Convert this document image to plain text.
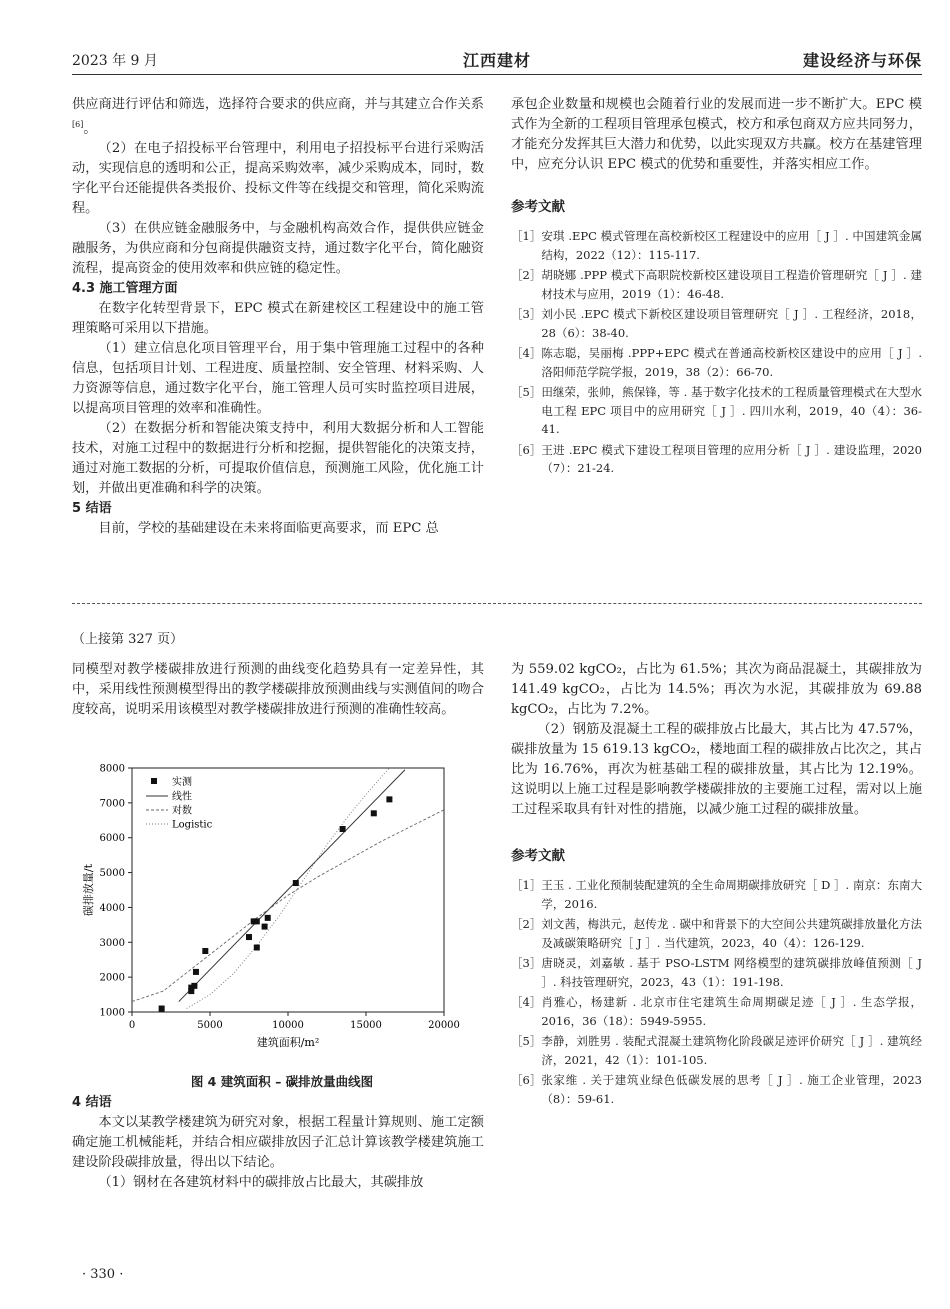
2023 年 9 月	江西建材	建设经济与环保

供应商进行评估和筛选，选择符合要求的供应商，并与其建立合作关系[6]。

（2）在电子招投标平台管理中，利用电子招投标平台进行采购活动，实现信息的透明和公正，提高采购效率，减少采购成本，同时，数字化平台还能提供各类报价、投标文件等在线提交和管理，简化采购流程。

（3）在供应链金融服务中，与金融机构高效合作，提供供应链金融服务，为供应商和分包商提供融资支持，通过数字化平台，简化融资流程，提高资金的使用效率和供应链的稳定性。

4.3 施工管理方面

在数字化转型背景下，EPC 模式在新建校区工程建设中的施工管理策略可采用以下措施。

（1）建立信息化项目管理平台，用于集中管理施工过程中的各种信息，包括项目计划、工程进度、质量控制、安全管理、材料采购、人力资源等信息，通过数字化平台，施工管理人员可实时监控项目进展，以提高项目管理的效率和准确性。

（2）在数据分析和智能决策支持中，利用大数据分析和人工智能技术，对施工过程中的数据进行分析和挖掘，提供智能化的决策支持，通过对施工数据的分析，可提取价值信息，预测施工风险，优化施工计划，并做出更准确和科学的决策。

5 结语

目前，学校的基础建设在未来将面临更高要求，而 EPC 总

承包企业数量和规模也会随着行业的发展而进一步不断扩大。EPC 模式作为全新的工程项目管理承包模式，校方和承包商双方应共同努力，才能充分发挥其巨大潜力和优势，以此实现双方共赢。校方在基建管理中，应充分认识 EPC 模式的优势和重要性，并落实相应工作。

参考文献
［1］ 安琪 .EPC 模式管理在高校新校区工程建设中的应用［ J ］. 中国建筑金属结构，2022（12）：115-117.
［2］ 胡晓娜 .PPP 模式下高职院校新校区建设项目工程造价管理研究［ J ］. 建材技术与应用，2019（1）：46-48.
［3］ 刘小民 .EPC 模式下新校区建设项目管理研究［ J ］. 工程经济，2018，28（6）：38-40.
［4］ 陈志聪，吴丽梅 .PPP+EPC 模式在普通高校新校区建设中的应用［ J ］. 洛阳师范学院学报，2019，38（2）：66-70.
［5］ 田继荣，张帅，熊保锋，等 . 基于数字化技术的工程质量管理模式在大型水电工程 EPC 项目中的应用研究［ J ］. 四川水利，2019，40（4）：36-41.
［6］ 王进 .EPC 模式下建设工程项目管理的应用分析［ J ］. 建设监理，2020（7）：21-24.
（上接第 327 页）

同模型对教学楼碳排放进行预测的曲线变化趋势具有一定差异性，其中，采用线性预测模型得出的教学楼碳排放预测曲线与实测值间的吻合度较高，说明采用该模型对教学楼碳排放进行预测的准确性较高。

0	5000	10000	15000	20000
1000
2000
3000
4000
5000
6000
7000
8000
建筑面积/m²
碳排放量/t
实测
线性
对数
Logistic
图 4 建筑面积 – 碳排放量曲线图
4 结语

本文以某教学楼建筑为研究对象，根据工程量计算规则、施工定额确定施工机械能耗，并结合相应碳排放因子汇总计算该教学楼建筑施工建设阶段碳排放量，得出以下结论。

（1）钢材在各建筑材料中的碳排放占比最大，其碳排放

为 559.02 kgCO₂，占比为 61.5%；其次为商品混凝土，其碳排放为 141.49 kgCO₂，占比为 14.5%；再次为水泥，其碳排放为 69.88 kgCO₂，占比为 7.2%。

（2）钢筋及混凝土工程的碳排放占比最大，其占比为 47.57%，碳排放量为 15 619.13 kgCO₂，楼地面工程的碳排放占比次之，其占比为 16.76%，再次为桩基础工程的碳排放量，其占比为 12.19%。这说明以上施工过程是影响教学楼碳排放的主要施工过程，需对以上施工过程采取具有针对性的措施，以减少施工过程的碳排放量。

参考文献
［1］ 王玉 . 工业化预制装配建筑的全生命周期碳排放研究［ D ］. 南京：东南大学，2016.
［2］ 刘文茜，梅洪元，赵传龙 . 碳中和背景下的大空间公共建筑碳排放量化方法及减碳策略研究［ J ］. 当代建筑，2023，40（4）：126-129.
［3］ 唐晓灵，刘嘉敏 . 基于 PSO-LSTM 网络模型的建筑碳排放峰值预测［ J ］. 科技管理研究，2023，43（1）：191-198.
［4］ 肖雅心，杨建新 . 北京市住宅建筑生命周期碳足迹［ J ］. 生态学报，2016，36（18）：5949-5955.
［5］ 李静，刘胜男 . 装配式混凝土建筑物化阶段碳足迹评价研究［ J ］. 建筑经济，2021，42（1）：101-105.
［6］ 张家维 . 关于建筑业绿色低碳发展的思考［ J ］. 施工企业管理，2023（8）：59-61.
· 330 ·
